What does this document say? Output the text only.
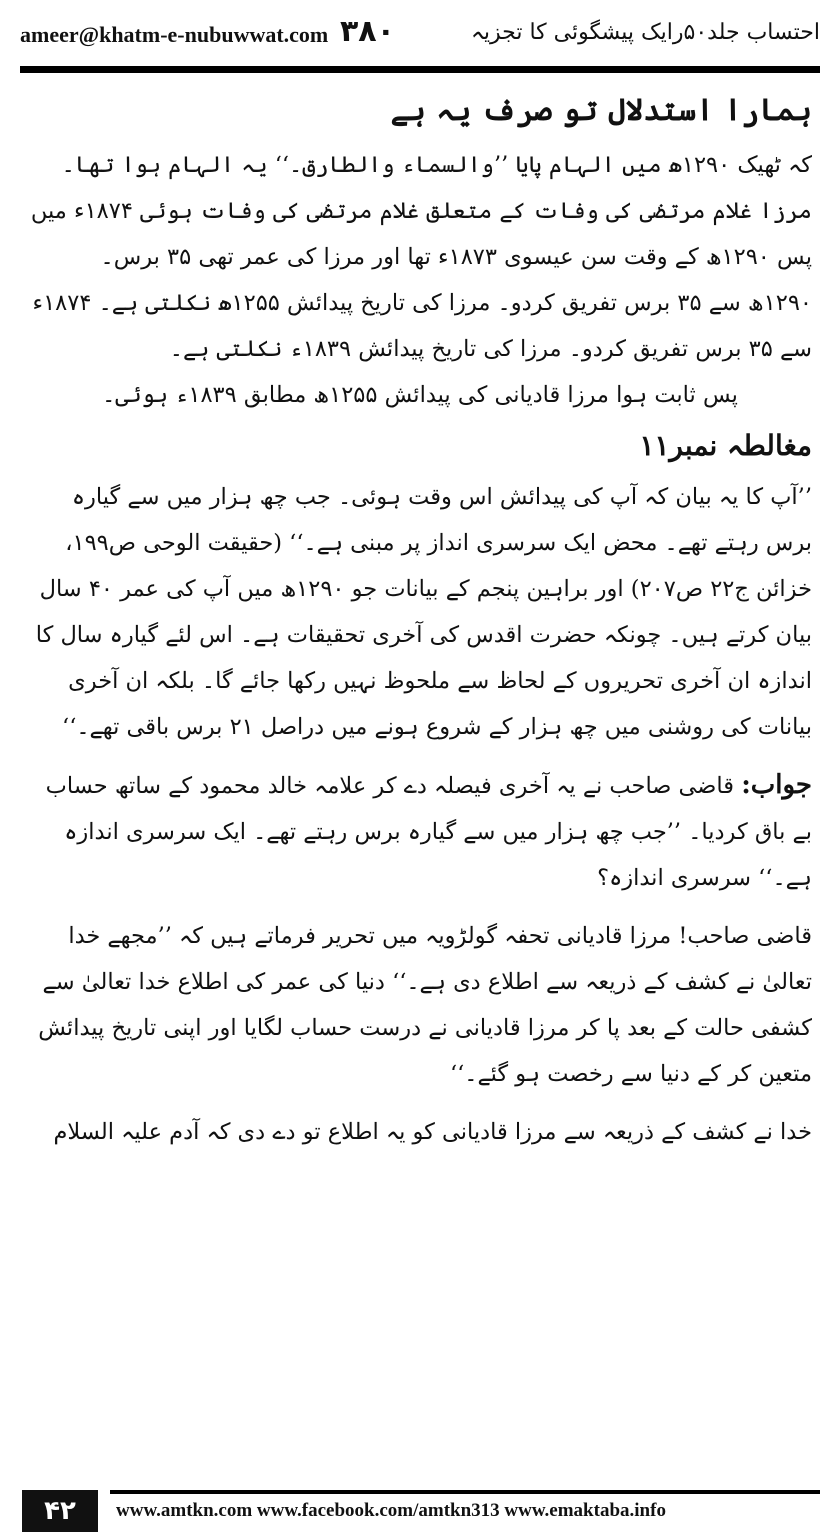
ameer@khatm-e-nubuwwat.com ۳۸۰	احتساب جلد۵۰رایک پیشگوئی کا تجزیہ

ہمارا استدلال تو صرف یہ ہے

کہ ٹھیک ۱۲۹۰ھ میں الہام پایا ’’والسماء والطارق۔‘‘ یہ الہام ہوا تھا۔ مرزا غلام مرتضٰی کی وفات کے متعلق غلام مرتضٰی کی وفات ہوئی ۱۸۷۴ء میں پس ۱۲۹۰ھ کے وقت سن عیسوی ۱۸۷۳ء تھا اور مرزا کی عمر تھی ۳۵ برس۔

۱۲۹۰ھ سے ۳۵ برس تفریق کردو۔ مرزا کی تاریخ پیدائش ۱۲۵۵ھ نکلتی ہے۔ ۱۸۷۴ء سے ۳۵ برس تفریق کردو۔ مرزا کی تاریخ پیدائش ۱۸۳۹ء نکلتی ہے۔

پس ثابت ہوا مرزا قادیانی کی پیدائش ۱۲۵۵ھ مطابق ۱۸۳۹ء ہوئی۔

مغالطہ نمبر۱۱

’’آپ کا یہ بیان کہ آپ کی پیدائش اس وقت ہوئی۔ جب چھ ہزار میں سے گیارہ برس رہتے تھے۔ محض ایک سرسری انداز پر مبنی ہے۔‘‘ (حقیقت الوحی ص۱۹۹، خزائن ج۲۲ ص۲۰۷) اور براہین پنجم کے بیانات جو ۱۲۹۰ھ میں آپ کی عمر ۴۰ سال بیان کرتے ہیں۔ چونکہ حضرت اقدس کی آخری تحقیقات ہے۔ اس لئے گیارہ سال کا اندازہ ان آخری تحریروں کے لحاظ سے ملحوظ نہیں رکھا جائے گا۔ بلکہ ان آخری بیانات کی روشنی میں چھ ہزار کے شروع ہونے میں دراصل ۲۱ برس باقی تھے۔‘‘

جواب: قاضی صاحب نے یہ آخری فیصلہ دے کر علامہ خالد محمود کے ساتھ حساب بے باق کردیا۔ ’’جب چھ ہزار میں سے گیارہ برس رہتے تھے۔ ایک سرسری اندازہ ہے۔‘‘ سرسری اندازہ؟

قاضی صاحب! مرزا قادیانی تحفہ گولڑویہ میں تحریر فرماتے ہیں کہ ’’مجھے خدا تعالیٰ نے کشف کے ذریعہ سے اطلاع دی ہے۔‘‘ دنیا کی عمر کی اطلاع خدا تعالیٰ سے کشفی حالت کے بعد پا کر مرزا قادیانی نے درست حساب لگایا اور اپنی تاریخ پیدائش متعین کر کے دنیا سے رخصت ہو گئے۔‘‘

خدا نے کشف کے ذریعہ سے مرزا قادیانی کو یہ اطلاع تو دے دی کہ آدم علیہ السلام

۴۲	www.amtkn.com www.facebook.com/amtkn313 www.emaktaba.info
